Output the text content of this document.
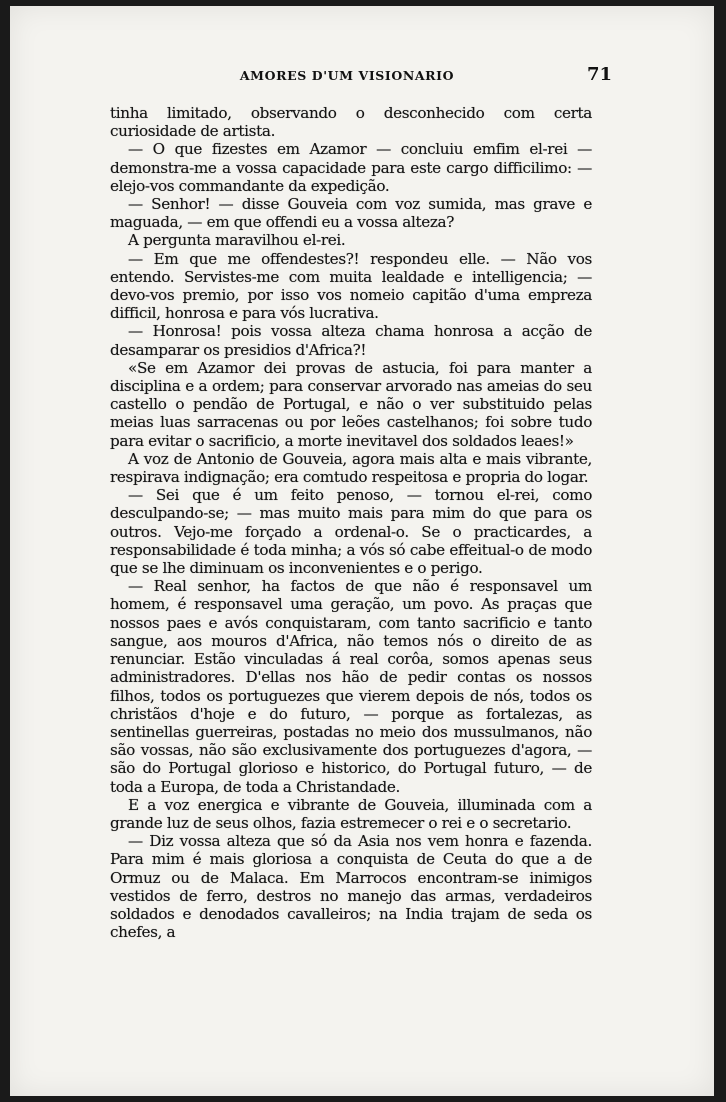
AMORES D'UM VISIONARIO	71

tinha limitado, observando o desconhecido com certa curiosidade de artista.

— O que fizestes em Azamor — concluiu emfim el-rei — demonstra-me a vossa capacidade para este cargo difficilimo: — elejo-vos commandante da expedição.

— Senhor! — disse Gouveia com voz sumida, mas grave e maguada, — em que offendi eu a vossa alteza?

A pergunta maravilhou el-rei.

— Em que me offendestes?! respondeu elle. — Não vos entendo. Servistes-me com muita lealdade e intelligencia; — devo-vos premio, por isso vos nomeio capitão d'uma empreza difficil, honrosa e para vós lucrativa.

— Honrosa! pois vossa alteza chama honrosa a acção de desamparar os presidios d'Africa?!

«Se em Azamor dei provas de astucia, foi para manter a disciplina e a ordem; para conservar arvorado nas ameias do seu castello o pendão de Portugal, e não o ver substituido pelas meias luas sarracenas ou por leões castelhanos; foi sobre tudo para evitar o sacrificio, a morte inevitavel dos soldados leaes!»

A voz de Antonio de Gouveia, agora mais alta e mais vibrante, respirava indignação; era comtudo respeitosa e propria do logar.

— Sei que é um feito penoso, — tornou el-rei, como desculpando-se; — mas muito mais para mim do que para os outros. Vejo-me forçado a ordenal-o. Se o practicardes, a responsabilidade é toda minha; a vós só cabe effeitual-o de modo que se lhe diminuam os inconvenientes e o perigo.

— Real senhor, ha factos de que não é responsavel um homem, é responsavel uma geração, um povo. As praças que nossos paes e avós conquistaram, com tanto sacrificio e tanto sangue, aos mouros d'Africa, não temos nós o direito de as renunciar. Estão vinculadas á real corôa, somos apenas seus administradores. D'ellas nos hão de pedir contas os nossos filhos, todos os portuguezes que vierem depois de nós, todos os christãos d'hoje e do futuro, — porque as fortalezas, as sentinellas guerreiras, postadas no meio dos mussulmanos, não são vossas, não são exclusivamente dos portuguezes d'agora, — são do Portugal glorioso e historico, do Portugal futuro, — de toda a Europa, de toda a Christandade.

E a voz energica e vibrante de Gouveia, illuminada com a grande luz de seus olhos, fazia estremecer o rei e o secretario.

— Diz vossa alteza que só da Asia nos vem honra e fazenda. Para mim é mais gloriosa a conquista de Ceuta do que a de Ormuz ou de Malaca. Em Marrocos encontram-se inimigos vestidos de ferro, destros no manejo das armas, verdadeiros soldados e denodados cavalleiros; na India trajam de seda os chefes, a
